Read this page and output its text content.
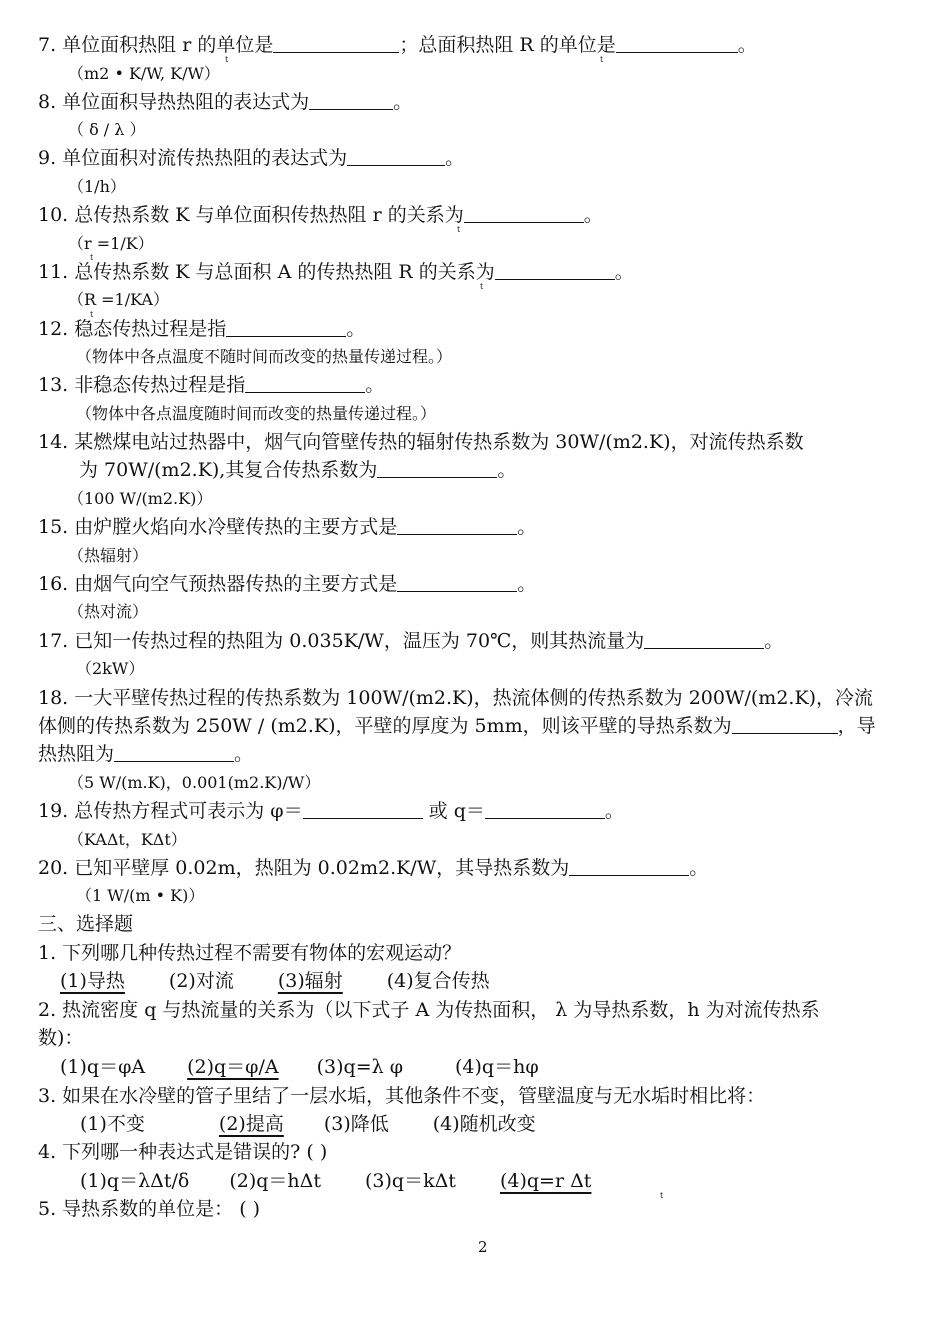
7. 单位面积热阻 r 的单位是	；总面积热阻 R 的单位是	。
t	t
（m2 • K/W, K/W）
8. 单位面积导热热阻的表达式为	。
（ δ / λ ）
9. 单位面积对流传热热阻的表达式为	。
（1/h）
10. 总传热系数 K 与单位面积传热热阻 r 的关系为	。
t
（r =1/K）
t
11. 总传热系数 K 与总面积 A 的传热热阻 R 的关系为	。
t
（R =1/KA）
t
12. 稳态传热过程是指	。
（物体中各点温度不随时间而改变的热量传递过程。）
13. 非稳态传热过程是指	。
（物体中各点温度随时间而改变的热量传递过程。）
14. 某燃煤电站过热器中，烟气向管壁传热的辐射传热系数为 30W/(m2.K)，对流传热系数
为 70W/(m2.K),其复合传热系数为	。
（100 W/(m2.K)）
15. 由炉膛火焰向水冷壁传热的主要方式是	。
（热辐射）
16. 由烟气向空气预热器传热的主要方式是	。
（热对流）
17. 已知一传热过程的热阻为 0.035K/W，温压为 70℃，则其热流量为	。
（2kW）
18. 一大平壁传热过程的传热系数为 100W/(m2.K)，热流体侧的传热系数为 200W/(m2.K)，冷流
体侧的传热系数为 250W / (m2.K)，平壁的厚度为 5mm，则该平壁的导热系数为	，导
热热阻为	。
（5 W/(m.K)，0.001(m2.K)/W）
19. 总传热方程式可表示为 φ＝	或 q＝	。
（KAΔt，KΔt）
20. 已知平壁厚 0.02m，热阻为 0.02m2.K/W，其导热系数为	。
（1 W/(m • K)）
三、选择题
1. 下列哪几种传热过程不需要有物体的宏观运动？
(1)导热 (2)对流 (3)辐射 (4)复合传热
2. 热流密度 q 与热流量的关系为（以下式子 A 为传热面积， λ 为导热系数，h 为对流传热系
数)：
(1)q＝φA (2)q＝φ/A (3)q=λ φ	(4)q＝hφ
3. 如果在水冷壁的管子里结了一层水垢，其他条件不变，管壁温度与无水垢时相比将：
(1)不变	(2)提高 (3)降低 (4)随机改变
4. 下列哪一种表达式是错误的? ( )
(1)q＝λΔt/δ (2)q＝hΔt (3)q＝kΔt (4)q=r Δt
t
5. 导热系数的单位是： ( )
2
